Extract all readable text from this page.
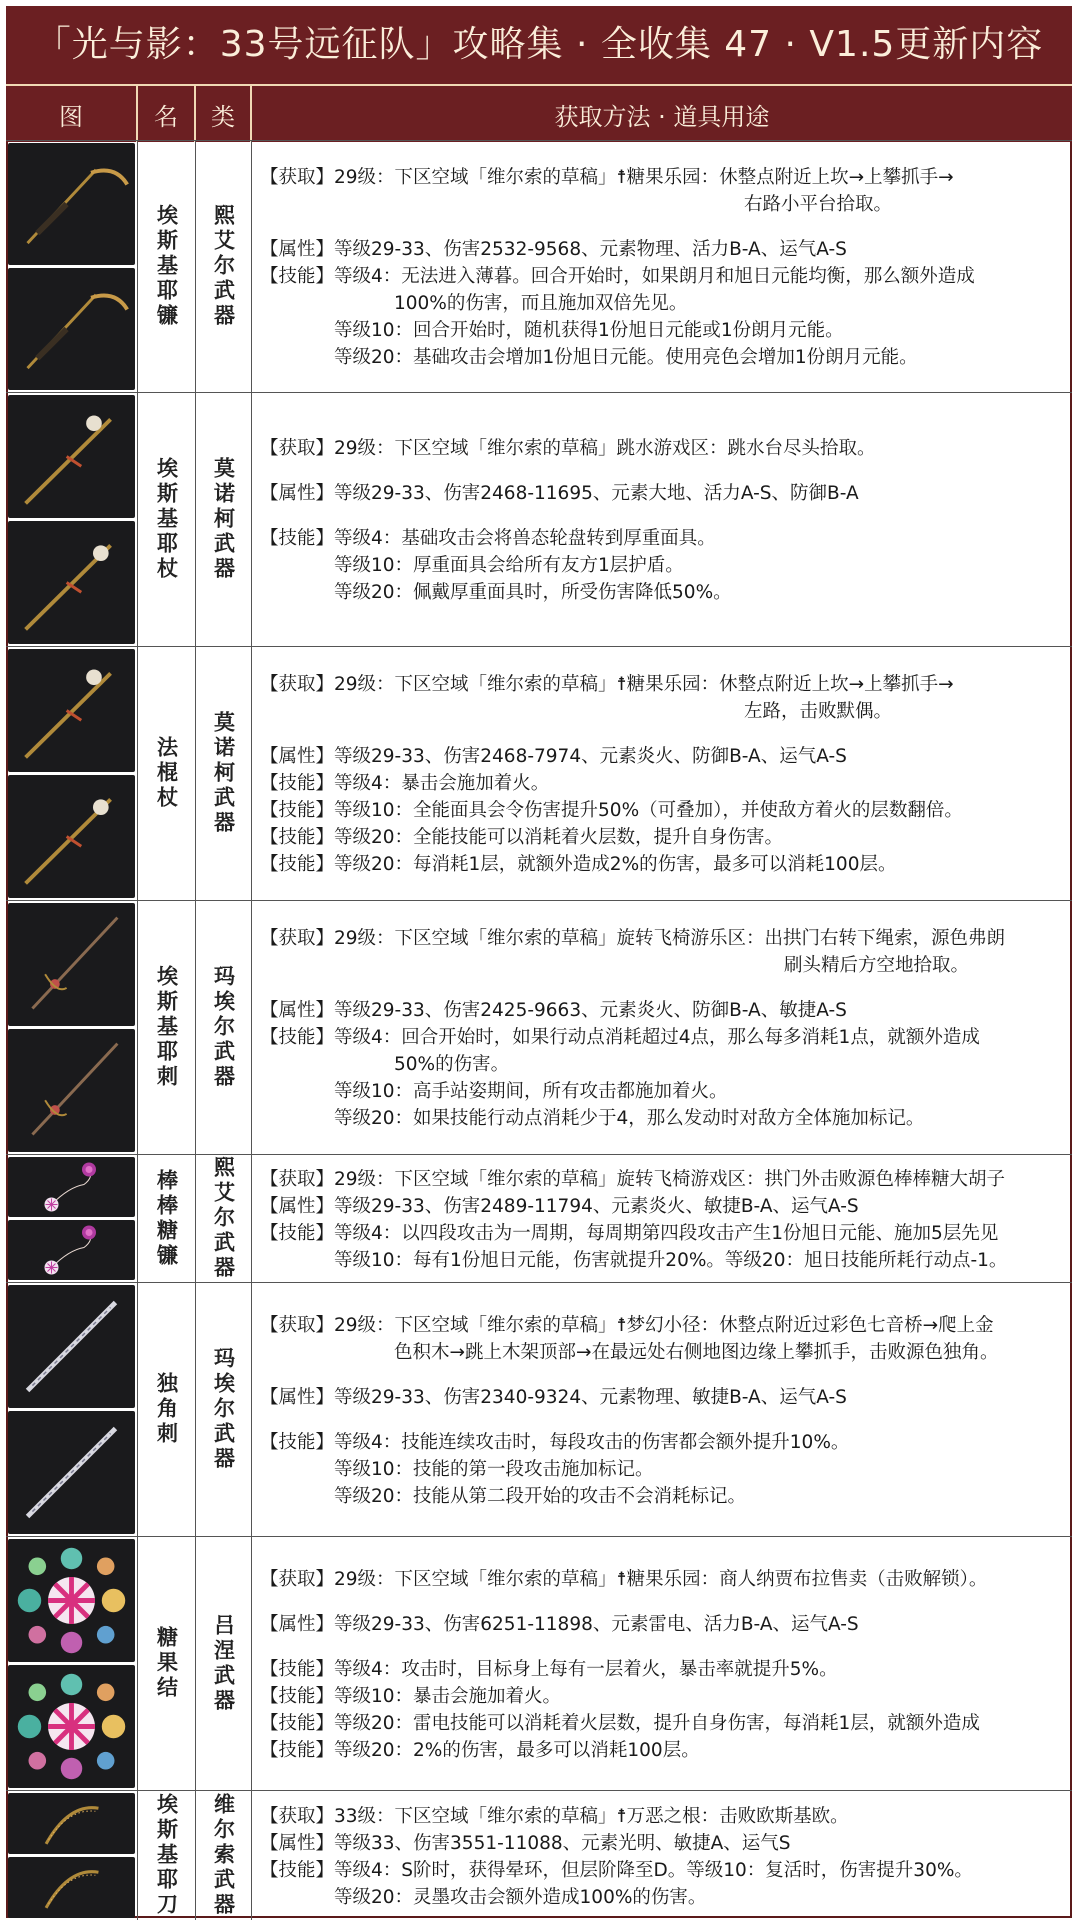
「光与影：33号远征队」攻略集 · 全收集 47 · V1.5更新内容
图	名	类	获取方法 · 道具用途
埃斯基耶镰 熙艾尔武器
【获取】 29级：下区空域「维尔索的草稿」☨糖果乐园：休整点附近上坎→上攀抓手→
右路小平台拾取。
【属性】 等级29-33、伤害2532-9568、元素物理、活力B-A、运气A-S
【技能】 等级4：无法进入薄暮。回合开始时，如果朗月和旭日元能均衡，那么额外造成
100%的伤害，而且施加双倍先见。
等级10：回合开始时，随机获得1份旭日元能或1份朗月元能。
等级20：基础攻击会增加1份旭日元能。使用亮色会增加1份朗月元能。
埃斯基耶杖 莫诺柯武器
【获取】 29级：下区空域「维尔索的草稿」跳水游戏区：跳水台尽头拾取。
【属性】 等级29-33、伤害2468-11695、元素大地、活力A-S、防御B-A
【技能】 等级4：基础攻击会将兽态轮盘转到厚重面具。
等级10：厚重面具会给所有友方1层护盾。
等级20：佩戴厚重面具时，所受伤害降低50%。
法棍杖 莫诺柯武器
【获取】 29级：下区空域「维尔索的草稿」☨糖果乐园：休整点附近上坎→上攀抓手→
左路，击败默偶。
【属性】 等级29-33、伤害2468-7974、元素炎火、防御B-A、运气A-S
【技能】 等级4：暴击会施加着火。
【技能】 等级10：全能面具会令伤害提升50%（可叠加），并使敌方着火的层数翻倍。
【技能】 等级20：全能技能可以消耗着火层数，提升自身伤害。
【技能】 等级20：每消耗1层，就额外造成2%的伤害，最多可以消耗100层。
埃斯基耶刺 玛埃尔武器
【获取】 29级：下区空域「维尔索的草稿」旋转飞椅游乐区：出拱门右转下绳索，源色弗朗
刷头精后方空地拾取。
【属性】 等级29-33、伤害2425-9663、元素炎火、防御B-A、敏捷A-S
【技能】 等级4：回合开始时，如果行动点消耗超过4点，那么每多消耗1点，就额外造成
50%的伤害。
等级10：高手站姿期间，所有攻击都施加着火。
等级20：如果技能行动点消耗少于4，那么发动时对敌方全体施加标记。
棒棒糖镰 熙艾尔武器 【获取】 29级：下区空域「维尔索的草稿」旋转飞椅游戏区：拱门外击败源色棒棒糖大胡子
【属性】 等级29-33、伤害2489-11794、元素炎火、敏捷B-A、运气A-S
【技能】 等级4：以四段攻击为一周期，每周期第四段攻击产生1份旭日元能、施加5层先见
等级10：每有1份旭日元能，伤害就提升20%。等级20：旭日技能所耗行动点-1。
独角刺 玛埃尔武器
【获取】 29级：下区空域「维尔索的草稿」☨梦幻小径：休整点附近过彩色七音桥→爬上金
色积木→跳上木架顶部→在最远处右侧地图边缘上攀抓手，击败源色独角。
【属性】 等级29-33、伤害2340-9324、元素物理、敏捷B-A、运气A-S
【技能】 等级4：技能连续攻击时，每段攻击的伤害都会额外提升10%。
等级10：技能的第一段攻击施加标记。
等级20：技能从第二段开始的攻击不会消耗标记。
糖果结 吕涅武器
【获取】 29级：下区空域「维尔索的草稿」☨糖果乐园：商人纳贾布拉售卖（击败解锁）。
【属性】 等级29-33、伤害6251-11898、元素雷电、活力B-A、运气A-S
【技能】 等级4：攻击时，目标身上每有一层着火，暴击率就提升5%。
【技能】 等级10：暴击会施加着火。
【技能】 等级20：雷电技能可以消耗着火层数，提升自身伤害，每消耗1层，就额外造成
【技能】 等级20：2%的伤害，最多可以消耗100层。
埃斯基耶刀 维尔索武器 【获取】 33级：下区空域「维尔索的草稿」☨万恶之根：击败欧斯基欧。
【属性】 等级33、伤害3551-11088、元素光明、敏捷A、运气S
【技能】 等级4：S阶时，获得晕环，但层阶降至D。等级10：复活时，伤害提升30%。
等级20：灵墨攻击会额外造成100%的伤害。
